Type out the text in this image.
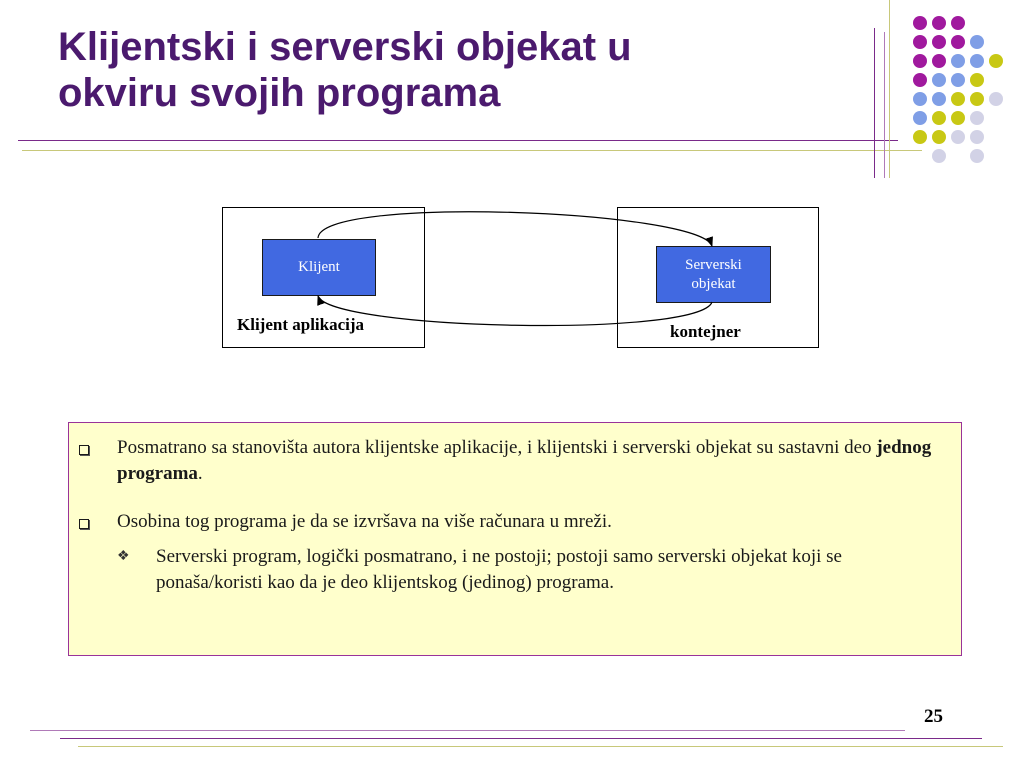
Klijentski i serverski objekat u
okviru svojih programa
Klijent	Serverski
objekat
Klijent aplikacija	kontejner
Posmatrano sa stanovišta autora klijentske aplikacije, i klijentski i serverski objekat su sastavni deo jednog programa.
Osobina tog programa je da se izvršava na više računara u mreži.
❖ Serverski program, logički posmatrano, i ne postoji; postoji samo serverski objekat koji se ponaša/koristi kao da je deo klijentskog (jedinog) programa.
25
